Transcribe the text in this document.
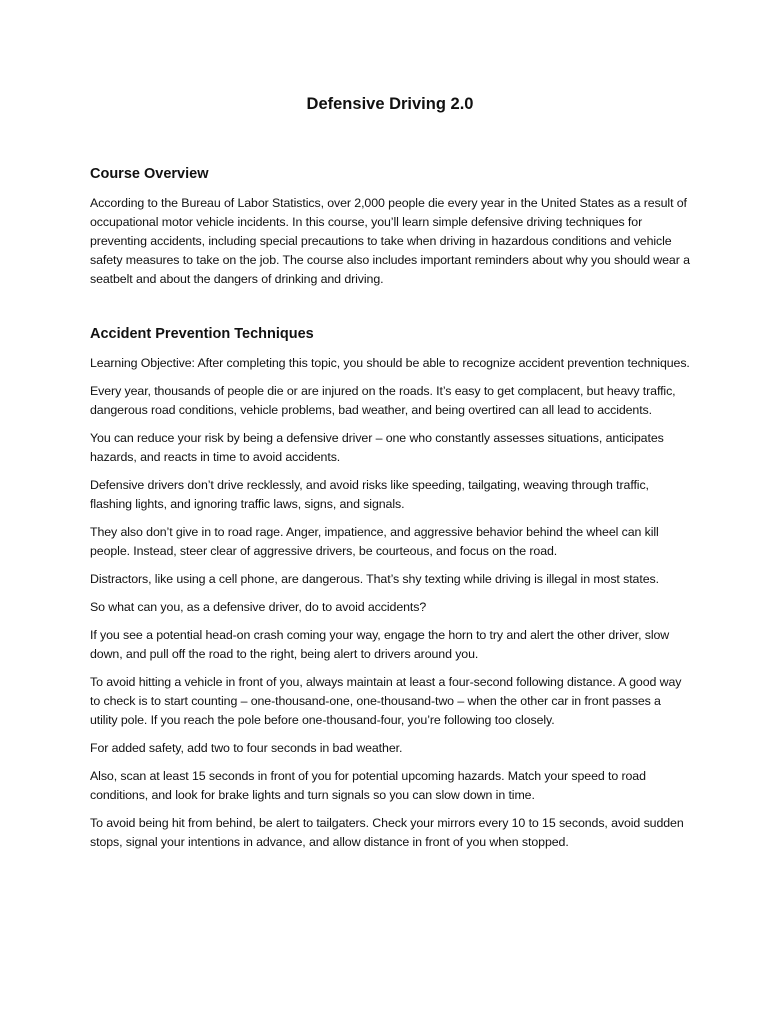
Defensive Driving 2.0
Course Overview

According to the Bureau of Labor Statistics, over 2,000 people die every year in the United States as a result of occupational motor vehicle incidents. In this course, you’ll learn simple defensive driving techniques for preventing accidents, including special precautions to take when driving in hazardous conditions and vehicle safety measures to take on the job. The course also includes important reminders about why you should wear a seatbelt and about the dangers of drinking and driving.

Accident Prevention Techniques

Learning Objective: After completing this topic, you should be able to recognize accident prevention techniques.

Every year, thousands of people die or are injured on the roads. It’s easy to get complacent, but heavy traffic, dangerous road conditions, vehicle problems, bad weather, and being overtired can all lead to accidents.

You can reduce your risk by being a defensive driver – one who constantly assesses situations, anticipates hazards, and reacts in time to avoid accidents.

Defensive drivers don’t drive recklessly, and avoid risks like speeding, tailgating, weaving through traffic, flashing lights, and ignoring traffic laws, signs, and signals.

They also don’t give in to road rage. Anger, impatience, and aggressive behavior behind the wheel can kill people. Instead, steer clear of aggressive drivers, be courteous, and focus on the road.

Distractors, like using a cell phone, are dangerous. That’s shy texting while driving is illegal in most states.

So what can you, as a defensive driver, do to avoid accidents?

If you see a potential head-on crash coming your way, engage the horn to try and alert the other driver, slow down, and pull off the road to the right, being alert to drivers around you.

To avoid hitting a vehicle in front of you, always maintain at least a four-second following distance. A good way to check is to start counting – one-thousand-one, one-thousand-two – when the other car in front passes a utility pole. If you reach the pole before one-thousand-four, you’re following too closely.

For added safety, add two to four seconds in bad weather.

Also, scan at least 15 seconds in front of you for potential upcoming hazards. Match your speed to road conditions, and look for brake lights and turn signals so you can slow down in time.

To avoid being hit from behind, be alert to tailgaters. Check your mirrors every 10 to 15 seconds, avoid sudden stops, signal your intentions in advance, and allow distance in front of you when stopped.
